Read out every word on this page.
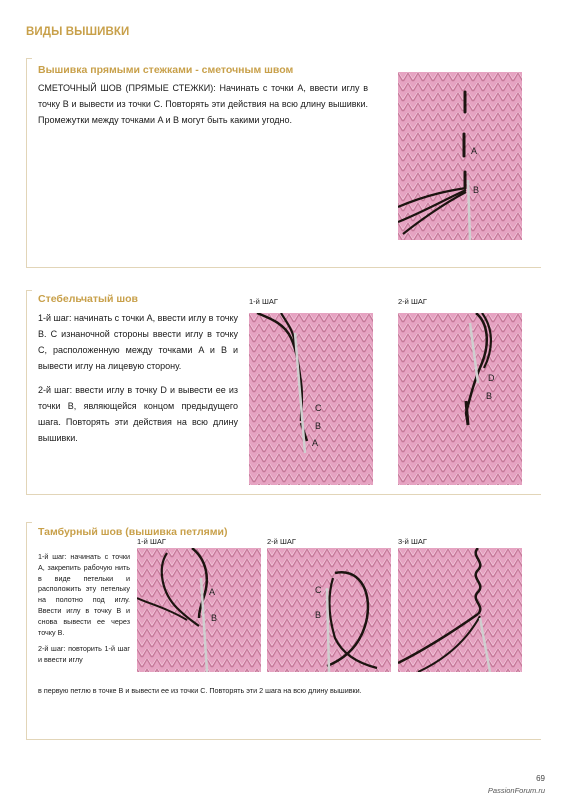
ВИДЫ ВЫШИВКИ
Вышивка прямыми стежками - сметочным швом
СМЕТОЧНЫЙ ШОВ (ПРЯМЫЕ СТЕЖКИ): Начинать с точки A, ввести иглу в точку B и вывести из точки C. Повторять эти действия на всю длину вышивки. Промежутки между точками A и B могут быть какими угодно.
A
B
Стебельчатый шов

1-й шаг: начинать с точки A, ввести иглу в точку B. С изнаночной стороны ввести иглу в точку C, расположенную между точками A и B и вывести иглу на лицевую сторону.

2-й шаг: ввести иглу в точку D и вывести ее из точки B, являющейся концом предыдущего шага. Повторять эти действия на всю длину вышивки.

1-й ШАГ	2-й ШАГ
C
B
A
D
B
Тамбурный шов (вышивка петлями)

1-й шаг: начинать с точки A, закрепить рабочую нить в виде петельки и расположить эту петельку на полотно под иглу. Ввести иглу в точку B и снова вывести ее через точку B.

2-й шаг: повторить 1-й шаг и ввести иглу

в первую петлю в точке B и вывести ее из точки C. Повторять эти 2 шага на всю длину вышивки.
1-й ШАГ	2-й ШАГ	3-й ШАГ
A
B
C
B
69
PassionForum.ru
